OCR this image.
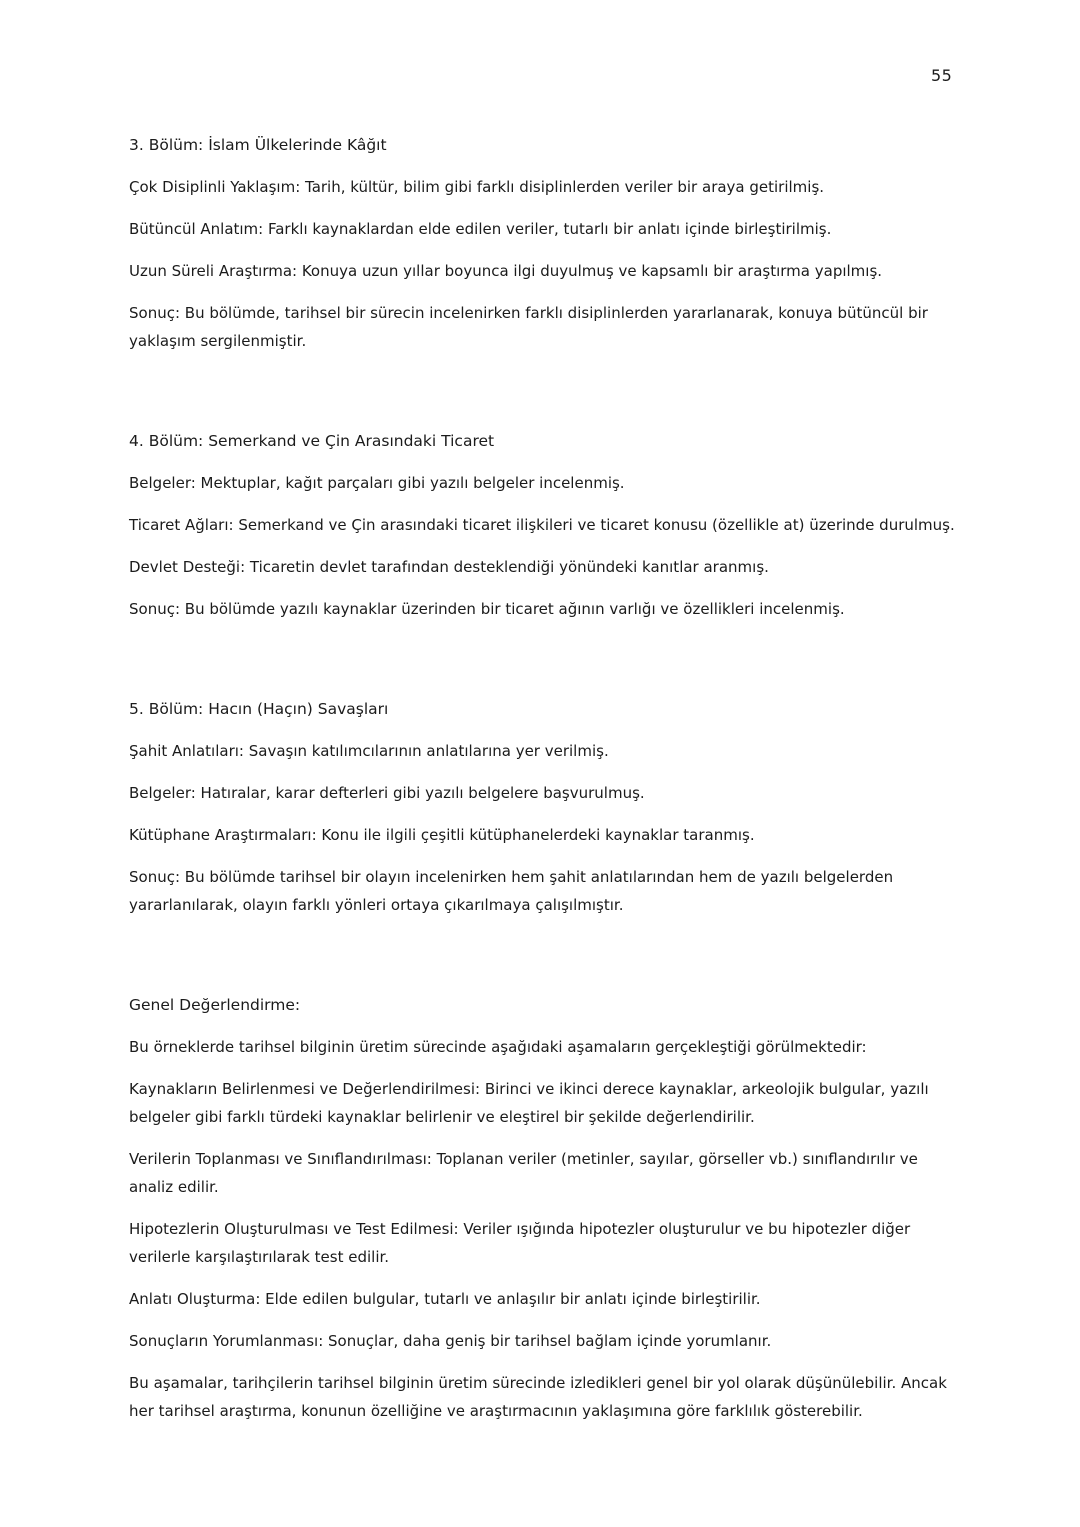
55

3. Bölüm: İslam Ülkelerinde Kâğıt

Çok Disiplinli Yaklaşım: Tarih, kültür, bilim gibi farklı disiplinlerden veriler bir araya getirilmiş.

Bütüncül Anlatım: Farklı kaynaklardan elde edilen veriler, tutarlı bir anlatı içinde birleştirilmiş.

Uzun Süreli Araştırma: Konuya uzun yıllar boyunca ilgi duyulmuş ve kapsamlı bir araştırma yapılmış.

Sonuç: Bu bölümde, tarihsel bir sürecin incelenirken farklı disiplinlerden yararlanarak, konuya bütüncül bir yaklaşım sergilenmiştir.

4. Bölüm: Semerkand ve Çin Arasındaki Ticaret

Belgeler: Mektuplar, kağıt parçaları gibi yazılı belgeler incelenmiş.

Ticaret Ağları: Semerkand ve Çin arasındaki ticaret ilişkileri ve ticaret konusu (özellikle at) üzerinde durulmuş.

Devlet Desteği: Ticaretin devlet tarafından desteklendiği yönündeki kanıtlar aranmış.

Sonuç: Bu bölümde yazılı kaynaklar üzerinden bir ticaret ağının varlığı ve özellikleri incelenmiş.

5. Bölüm: Hacın (Haçın) Savaşları

Şahit Anlatıları: Savaşın katılımcılarının anlatılarına yer verilmiş.

Belgeler: Hatıralar, karar defterleri gibi yazılı belgelere başvurulmuş.

Kütüphane Araştırmaları: Konu ile ilgili çeşitli kütüphanelerdeki kaynaklar taranmış.

Sonuç: Bu bölümde tarihsel bir olayın incelenirken hem şahit anlatılarından hem de yazılı belgelerden yararlanılarak, olayın farklı yönleri ortaya çıkarılmaya çalışılmıştır.

Genel Değerlendirme:

Bu örneklerde tarihsel bilginin üretim sürecinde aşağıdaki aşamaların gerçekleştiği görülmektedir:

Kaynakların Belirlenmesi ve Değerlendirilmesi: Birinci ve ikinci derece kaynaklar, arkeolojik bulgular, yazılı belgeler gibi farklı türdeki kaynaklar belirlenir ve eleştirel bir şekilde değerlendirilir.

Verilerin Toplanması ve Sınıflandırılması: Toplanan veriler (metinler, sayılar, görseller vb.) sınıflandırılır ve analiz edilir.

Hipotezlerin Oluşturulması ve Test Edilmesi: Veriler ışığında hipotezler oluşturulur ve bu hipotezler diğer verilerle karşılaştırılarak test edilir.

Anlatı Oluşturma: Elde edilen bulgular, tutarlı ve anlaşılır bir anlatı içinde birleştirilir.

Sonuçların Yorumlanması: Sonuçlar, daha geniş bir tarihsel bağlam içinde yorumlanır.

Bu aşamalar, tarihçilerin tarihsel bilginin üretim sürecinde izledikleri genel bir yol olarak düşünülebilir. Ancak her tarihsel araştırma, konunun özelliğine ve araştırmacının yaklaşımına göre farklılık gösterebilir.
